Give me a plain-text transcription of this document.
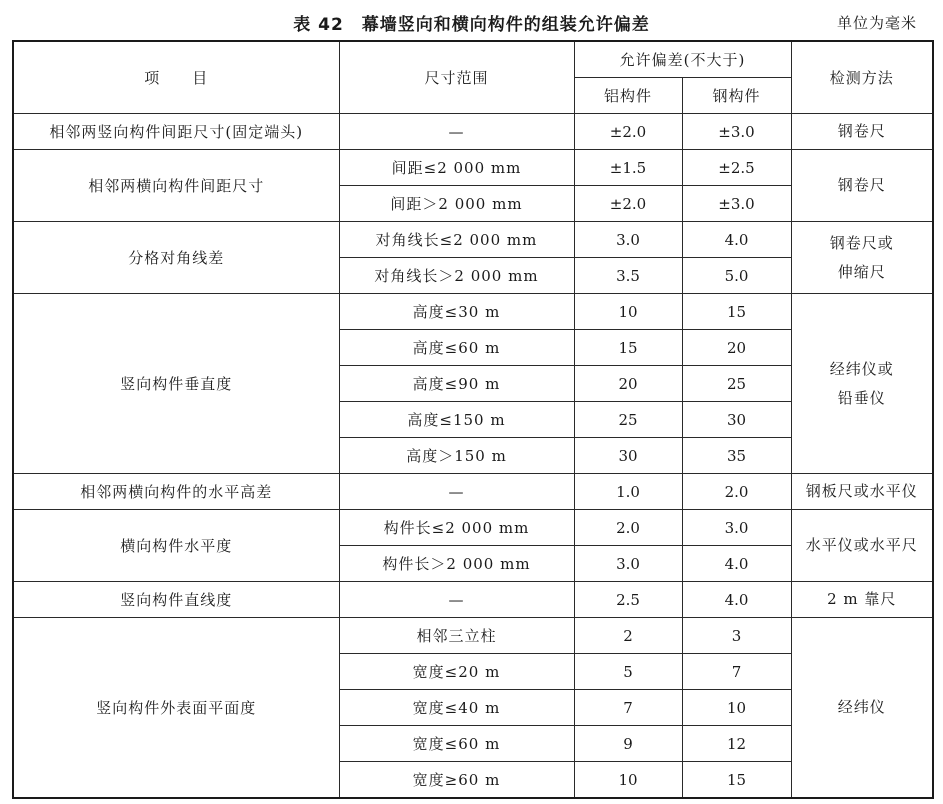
表 42　幕墙竖向和横向构件的组装允许偏差	单位为毫米
项　　目	尺寸范围	允许偏差(不大于)		检测方法
		铝构件	钢构件	
相邻两竖向构件间距尺寸(固定端头)	—	±2.0	±3.0	钢卷尺
相邻两横向构件间距尺寸	间距≤2 000 mm	±1.5	±2.5	钢卷尺
	间距＞2 000 mm	±2.0	±3.0	
分格对角线差	对角线长≤2 000 mm	3.0	4.0	钢卷尺或
伸缩尺
	对角线长＞2 000 mm	3.5	5.0	
竖向构件垂直度	高度≤30 m	10	15	经纬仪或
铅垂仪
	高度≤60 m	15	20	
	高度≤90 m	20	25	
	高度≤150 m	25	30	
	高度＞150 m	30	35	
相邻两横向构件的水平高差	—	1.0	2.0	钢板尺或水平仪
横向构件水平度	构件长≤2 000 mm	2.0	3.0	水平仪或水平尺
	构件长＞2 000 mm	3.0	4.0	
竖向构件直线度	—	2.5	4.0	2 m 靠尺
竖向构件外表面平面度	相邻三立柱	2	3	经纬仪
	宽度≤20 m	5	7	
	宽度≤40 m	7	10	
	宽度≤60 m	9	12	
	宽度≥60 m	10	15	
